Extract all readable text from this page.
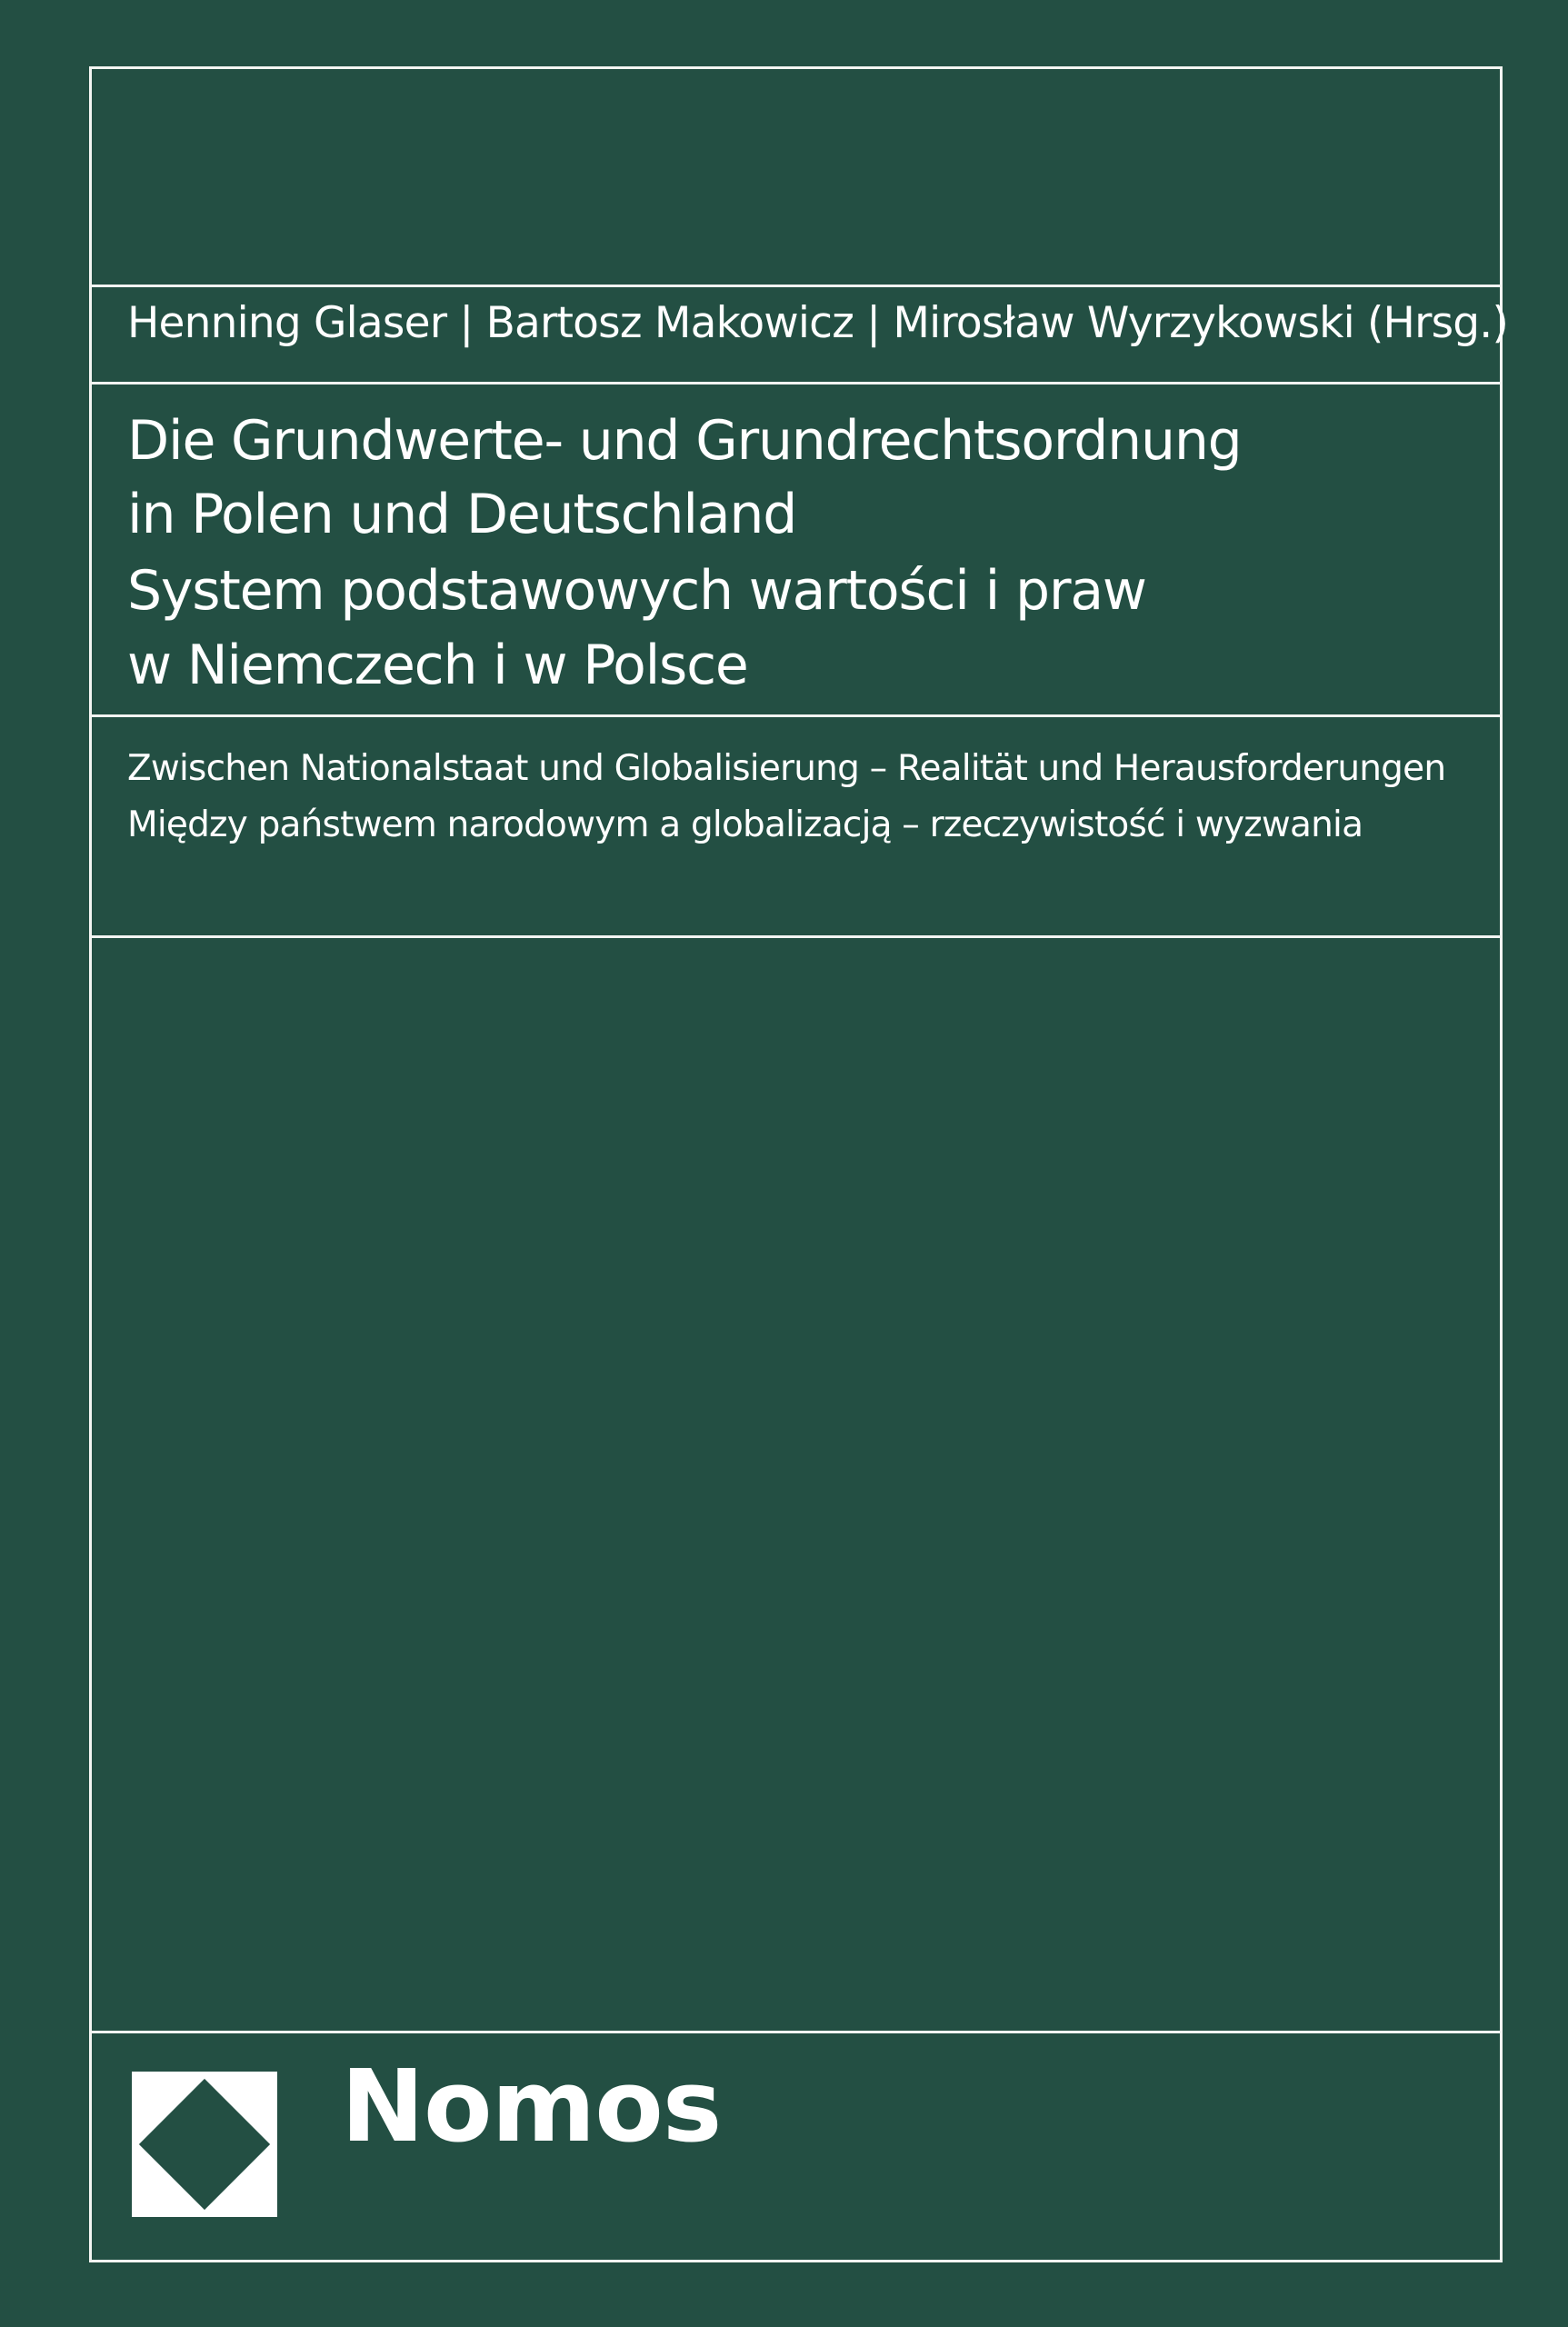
Henning Glaser | Bartosz Makowicz | Mirosław Wyrzykowski (Hrsg.)
Die Grundwerte- und Grundrechtsordnung
in Polen und Deutschland
System podstawowych wartości i praw
w Niemczech i w Polsce
Zwischen Nationalstaat und Globalisierung – Realität und Herausforderungen
Między państwem narodowym a globalizacją – rzeczywistość i wyzwania
Nomos
